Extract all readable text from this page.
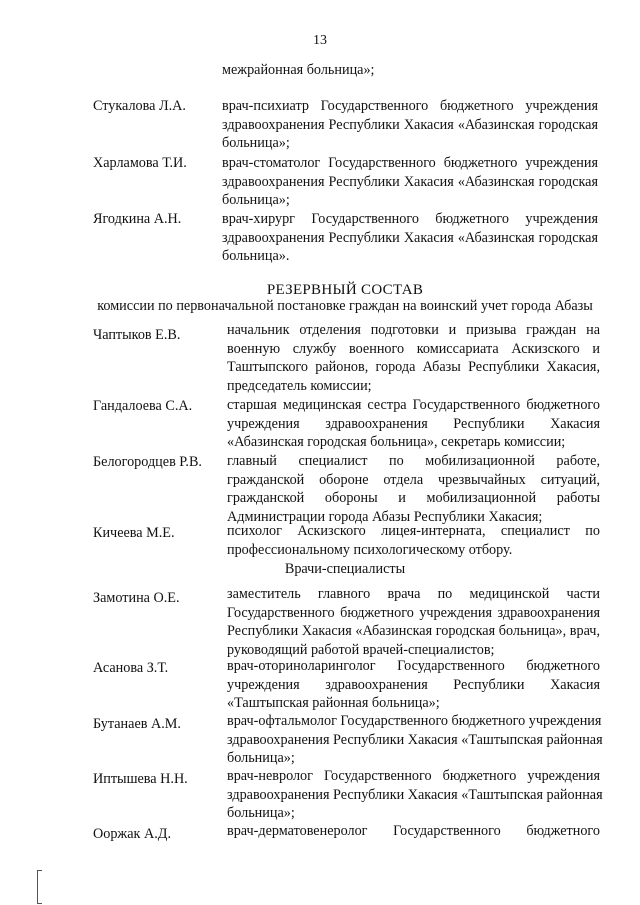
13
межрайонная больница»;
Стукалова Л.А.	врач-психиатр Государственного бюджетного учреждения
здравоохранения Республики Хакасия «Абазинская городская
больница»;
Харламова Т.И. врач-стоматолог Государственного бюджетного учреждения
здравоохранения Республики Хакасия «Абазинская городская
больница»;
Ягодкина А.Н.	врач-хирург Государственного бюджетного учреждения
здравоохранения Республики Хакасия «Абазинская городская
больница».
РЕЗЕРВНЫЙ СОСТАВ
комиссии по первоначальной постановке граждан на воинский учет города Абазы
Чаптыков Е.В.	начальник отделения подготовки и призыва граждан на
военную службу военного комиссариата Аскизского и
Таштыпского районов, города Абазы Республики Хакасия,
председатель комиссии;
Гандалоева С.А. старшая медицинская сестра Государственного бюджетного
учреждения здравоохранения Республики Хакасия
«Абазинская городская больница», секретарь комиссии;
Белогородцев Р.В. главный специалист по мобилизационной работе,
гражданской обороне отдела чрезвычайных ситуаций,
гражданской обороны и мобилизационной работы
Администрации города Абазы Республики Хакасия;
Кичеева М.Е.	психолог Аскизского лицея-интерната, специалист по
профессиональному психологическому отбору.
Врачи-специалисты
Замотина О.Е.	заместитель главного врача по медицинской части
Государственного бюджетного учреждения здравоохранения
Республики Хакасия «Абазинская городская больница», врач,
руководящий работой врачей-специалистов;
Асанова З.Т.	врач-оториноларинголог Государственного бюджетного
учреждения здравоохранения Республики Хакасия
«Таштыпская районная больница»;
Бутанаев А.М.	врач-офтальмолог Государственного бюджетного учреждения
здравоохранения Республики Хакасия «Таштыпская районная
больница»;
Иптышева Н.Н.	врач-невролог Государственного бюджетного учреждения
здравоохранения Республики Хакасия «Таштыпская районная
больница»;
Ооржак А.Д.	врач-дерматовенеролог Государственного бюджетного
